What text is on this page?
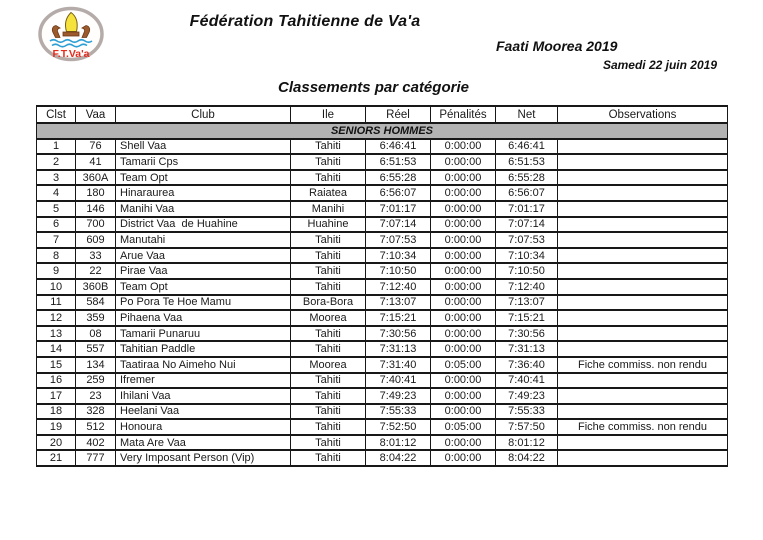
F.T.Va'a
Fédération Tahitienne de Va'a
Faati Moorea 2019
Samedi 22 juin 2019
Classements par catégorie
Clst	Vaa	Club	Ile	Réel	Pénalités	Net	Observations
SENIORS HOMMES							
1	76	Shell Vaa	Tahiti	6:46:41	0:00:00	6:46:41	
2	41	Tamarii Cps	Tahiti	6:51:53	0:00:00	6:51:53	
3	360A	Team Opt	Tahiti	6:55:28	0:00:00	6:55:28	
4	180	Hinaraurea	Raiatea	6:56:07	0:00:00	6:56:07	
5	146	Manihi Vaa	Manihi	7:01:17	0:00:00	7:01:17	
6	700	District Vaa  de Huahine	Huahine	7:07:14	0:00:00	7:07:14	
7	609	Manutahi	Tahiti	7:07:53	0:00:00	7:07:53	
8	33	Arue Vaa	Tahiti	7:10:34	0:00:00	7:10:34	
9	22	Pirae Vaa	Tahiti	7:10:50	0:00:00	7:10:50	
10	360B	Team Opt	Tahiti	7:12:40	0:00:00	7:12:40	
11	584	Po Pora Te Hoe Mamu	Bora-Bora	7:13:07	0:00:00	7:13:07	
12	359	Pihaena Vaa	Moorea	7:15:21	0:00:00	7:15:21	
13	08	Tamarii Punaruu	Tahiti	7:30:56	0:00:00	7:30:56	
14	557	Tahitian Paddle	Tahiti	7:31:13	0:00:00	7:31:13	
15	134	Taatiraa No Aimeho Nui	Moorea	7:31:40	0:05:00	7:36:40	Fiche commiss. non rendu
16	259	Ifremer	Tahiti	7:40:41	0:00:00	7:40:41	
17	23	Ihilani Vaa	Tahiti	7:49:23	0:00:00	7:49:23	
18	328	Heelani Vaa	Tahiti	7:55:33	0:00:00	7:55:33	
19	512	Honoura	Tahiti	7:52:50	0:05:00	7:57:50	Fiche commiss. non rendu
20	402	Mata Are Vaa	Tahiti	8:01:12	0:00:00	8:01:12	
21	777	Very Imposant Person (Vip)	Tahiti	8:04:22	0:00:00	8:04:22	
